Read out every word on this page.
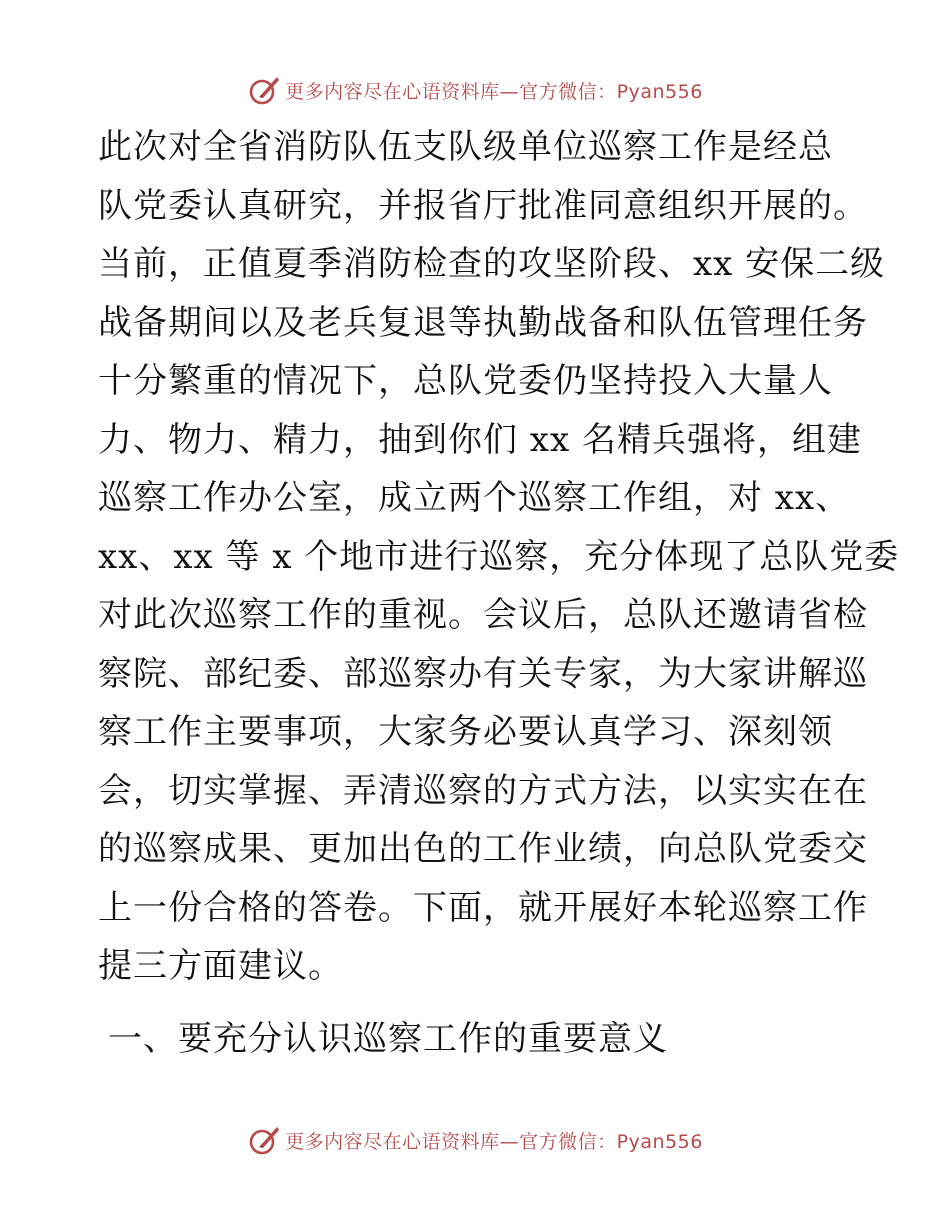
更多内容尽在心语资料库—官方微信：Pyan556
此次对全省消防队伍支队级单位巡察工作是经总
队党委认真研究，并报省厅批准同意组织开展的。
当前，正值夏季消防检查的攻坚阶段、xx 安保二级
战备期间以及老兵复退等执勤战备和队伍管理任务
十分繁重的情况下，总队党委仍坚持投入大量人
力、物力、精力，抽到你们 xx 名精兵强将，组建
巡察工作办公室，成立两个巡察工作组，对 xx、
xx、xx 等 x 个地市进行巡察，充分体现了总队党委
对此次巡察工作的重视。会议后，总队还邀请省检
察院、部纪委、部巡察办有关专家，为大家讲解巡
察工作主要事项，大家务必要认真学习、深刻领
会，切实掌握、弄清巡察的方式方法，以实实在在
的巡察成果、更加出色的工作业绩，向总队党委交
上一份合格的答卷。下面，就开展好本轮巡察工作
提三方面建议。
一、要充分认识巡察工作的重要意义
更多内容尽在心语资料库—官方微信：Pyan556
